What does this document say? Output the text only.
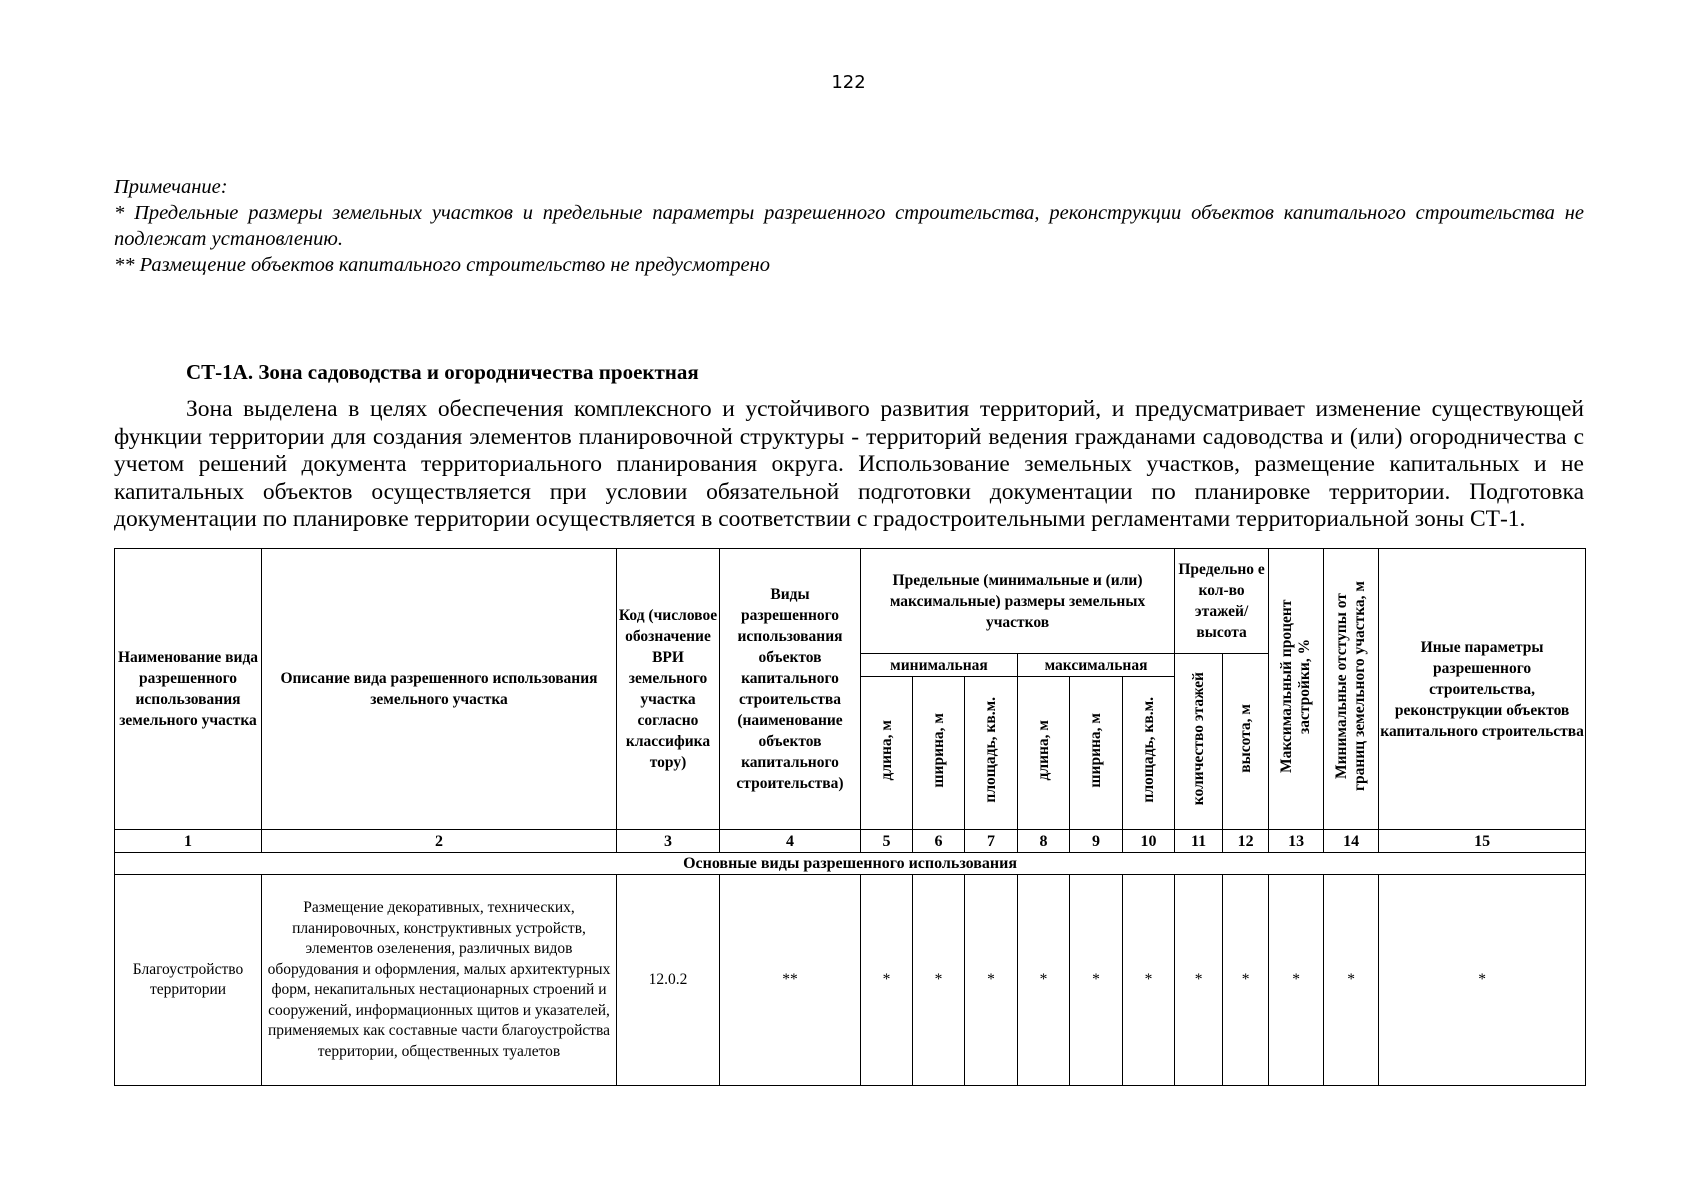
122

Примечание:

* Предельные размеры земельных участков и предельные параметры разрешенного строительства, реконструкции объектов капитального строительства не подлежат установлению.

** Размещение объектов капитального строительство не предусмотрено

СТ-1А. Зона садоводства и огородничества проектная

Зона выделена в целях обеспечения комплексного и устойчивого развития территорий, и предусматривает изменение существующей функции территории для создания элементов планировочной структуры - территорий ведения гражданами садоводства и (или) огородничества с учетом решений документа территориального планирования округа. Использование земельных участков, размещение капитальных и не капитальных объектов осуществляется при условии обязательной подготовки документации по планировке территории. Подготовка документации по планировке территории осуществляется в соответствии с градостроительными регламентами территориальной зоны СТ-1.

Наименование вида разрешенного использования земельного участка	Описание вида разрешенного использования земельного участка	Код (числовое обозначение ВРИ земельного участка согласно классифика тору)	Виды разрешенного использования объектов капитального строительства (наименование объектов капитального строительства)	Предельные (минимальные и (или) максимальные) размеры земельных участков						Предельно е кол-во этажей/ высота		Максимальный процент застройки, %	Минимальные отступы от границ земельного участка, м	Иные параметры разрешенного строительства, реконструкции объектов капитального строительства
				минимальная			максимальная			количество этажей	высота, м			
				длина, м	ширина, м	площадь, кв.м.	длина, м	ширина, м	площадь, кв.м.					
1	2	3	4	5	6	7	8	9	10	11	12	13	14	15
Основные виды разрешенного использования														
Благоустройство территории	Размещение декоративных, технических, планировочных, конструктивных устройств, элементов озеленения, различных видов оборудования и оформления, малых архитектурных форм, некапитальных нестационарных строений и сооружений, информационных щитов и указателей, применяемых как составные части благоустройства территории, общественных туалетов	12.0.2	**	*	*	*	*	*	*	*	*	*	*	*
